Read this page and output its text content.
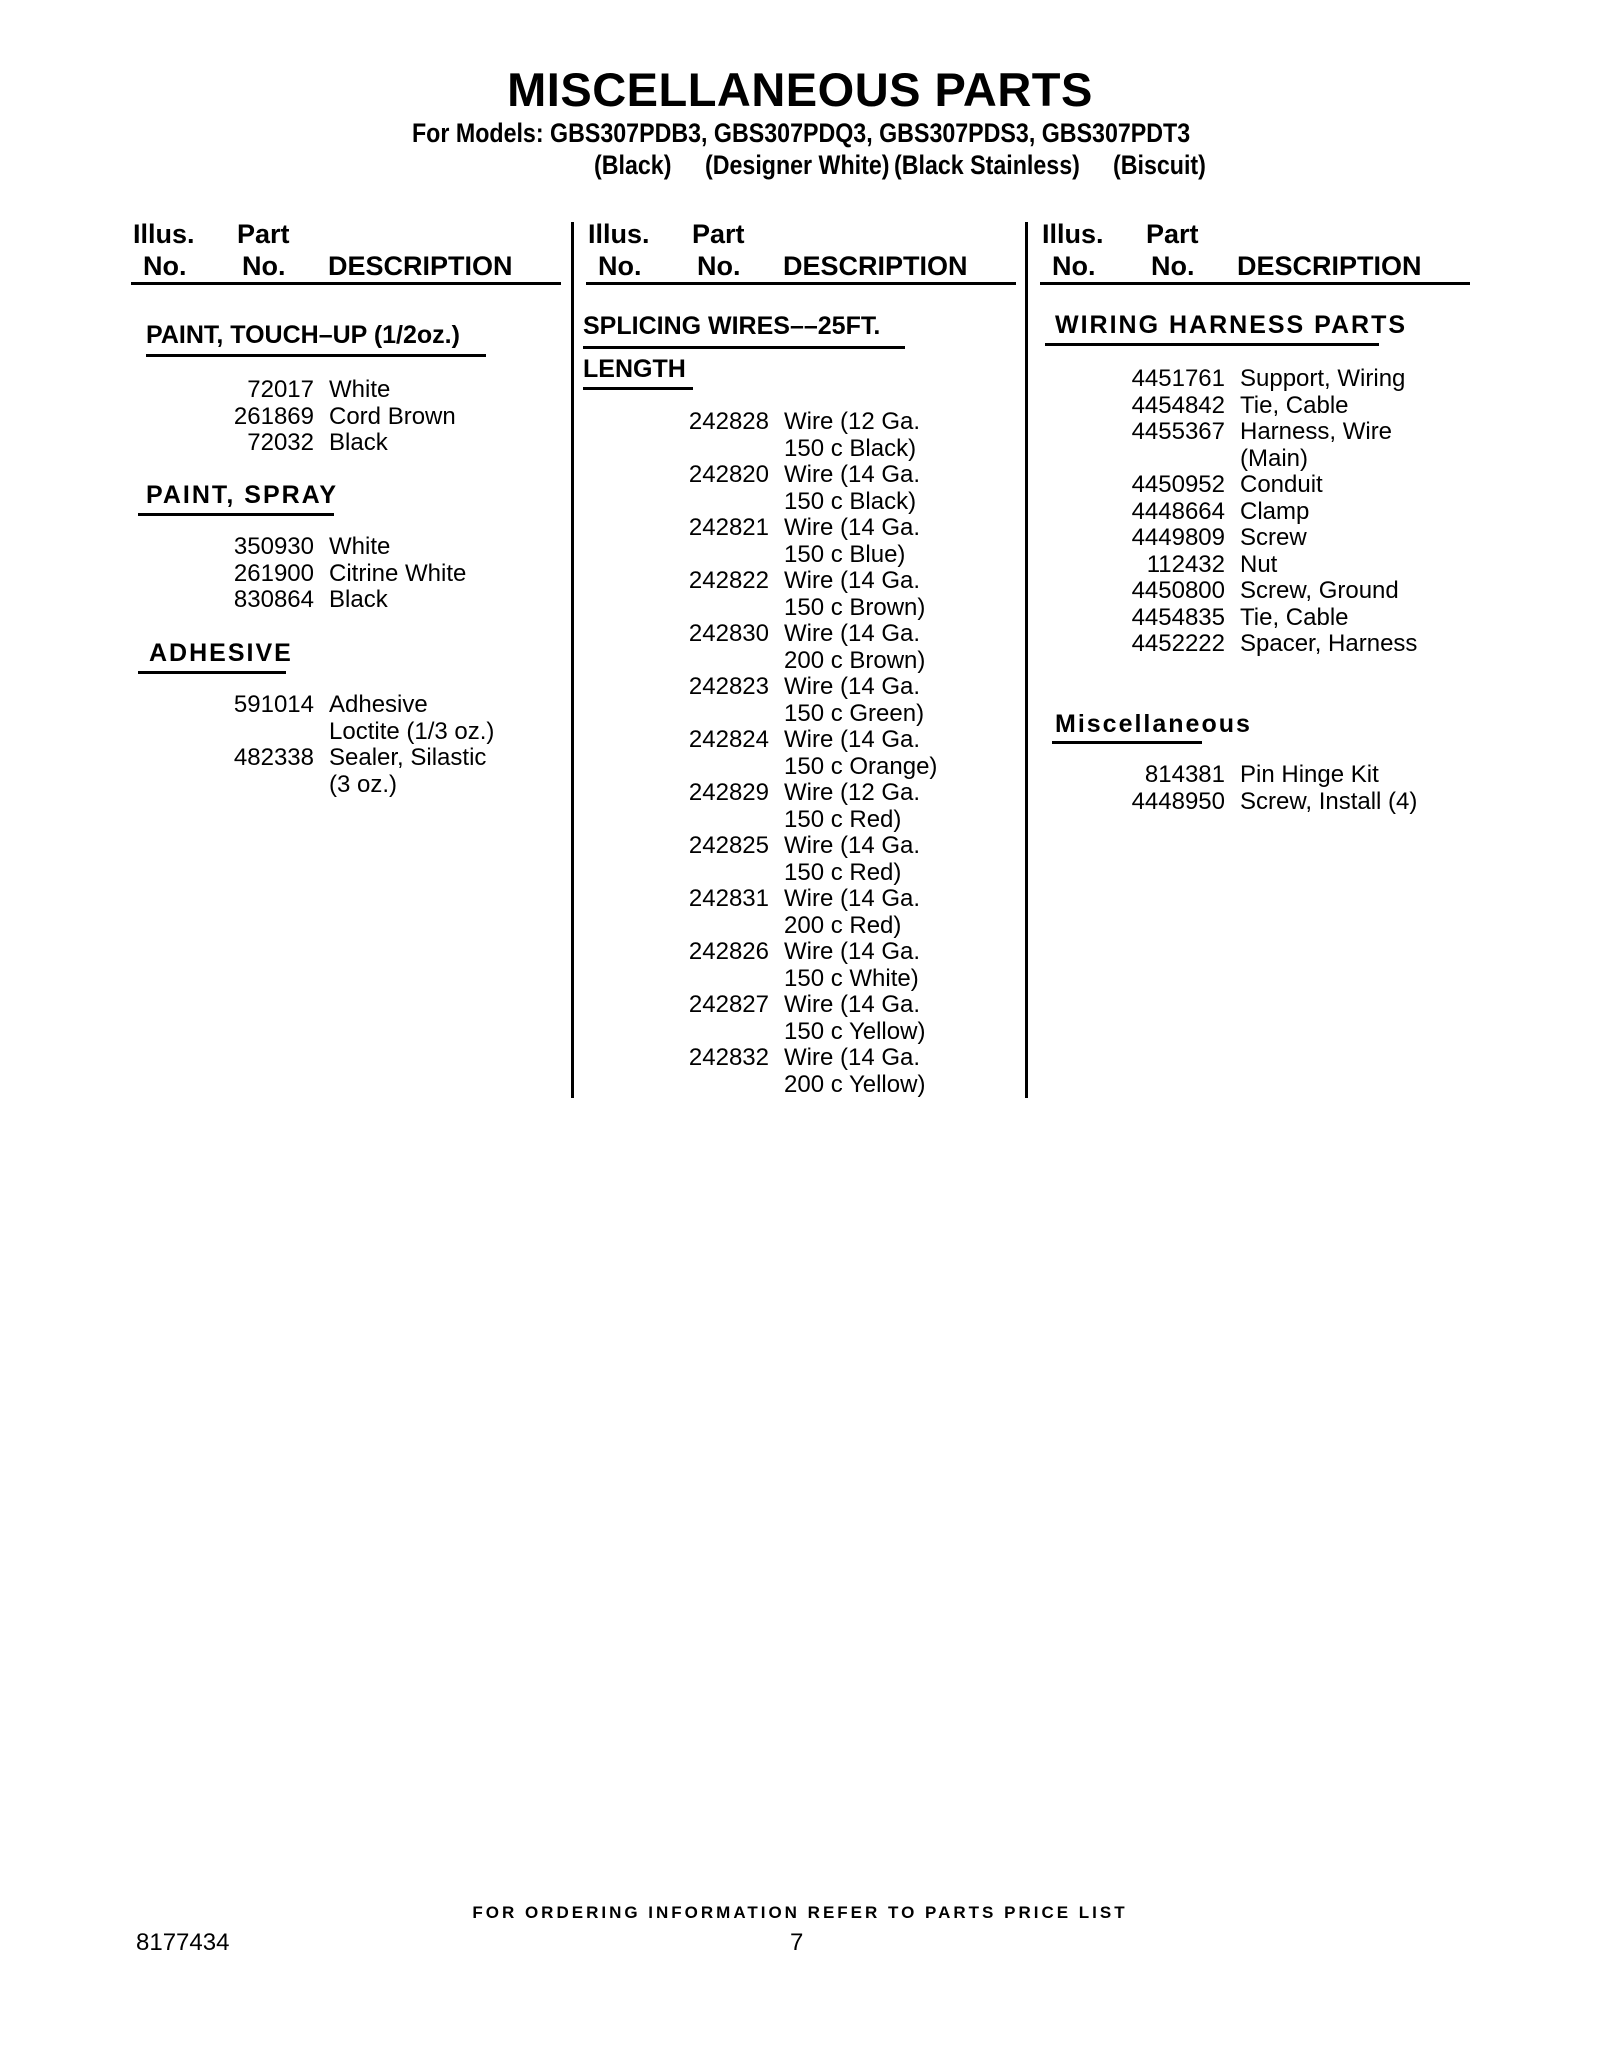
MISCELLANEOUS PARTS
For Models: GBS307PDB3, GBS307PDQ3, GBS307PDS3, GBS307PDT3
(Black) (Designer White) (Black Stainless) (Biscuit)
Illus.
No.
Part
No. DESCRIPTION
Illus.
No.
Part
No. DESCRIPTION
Illus.
No.
Part
No. DESCRIPTION
PAINT, TOUCH–UP (1/2oz.)
72017 White
261869 Cord Brown
72032 Black
PAINT, SPRAY
350930 White
261900 Citrine White
830864 Black
ADHESIVE
591014 Adhesive
Loctite (1/3 oz.)
482338 Sealer, Silastic
(3 oz.)
SPLICING WIRES––25FT.
LENGTH
242828 Wire (12 Ga.
150 c Black)
242820 Wire (14 Ga.
150 c Black)
242821 Wire (14 Ga.
150 c Blue)
242822 Wire (14 Ga.
150 c Brown)
242830 Wire (14 Ga.
200 c Brown)
242823 Wire (14 Ga.
150 c Green)
242824 Wire (14 Ga.
150 c Orange)
242829 Wire (12 Ga.
150 c Red)
242825 Wire (14 Ga.
150 c Red)
242831 Wire (14 Ga.
200 c Red)
242826 Wire (14 Ga.
150 c White)
242827 Wire (14 Ga.
150 c Yellow)
242832 Wire (14 Ga.
200 c Yellow)
WIRING HARNESS PARTS
4451761 Support, Wiring
4454842 Tie, Cable
4455367 Harness, Wire
(Main)
4450952 Conduit
4448664 Clamp
4449809 Screw
112432 Nut
4450800 Screw, Ground
4454835 Tie, Cable
4452222 Spacer, Harness
Miscellaneous
814381 Pin Hinge Kit
4448950 Screw, Install (4)
FOR ORDERING INFORMATION REFER TO PARTS PRICE LIST
8177434	7
